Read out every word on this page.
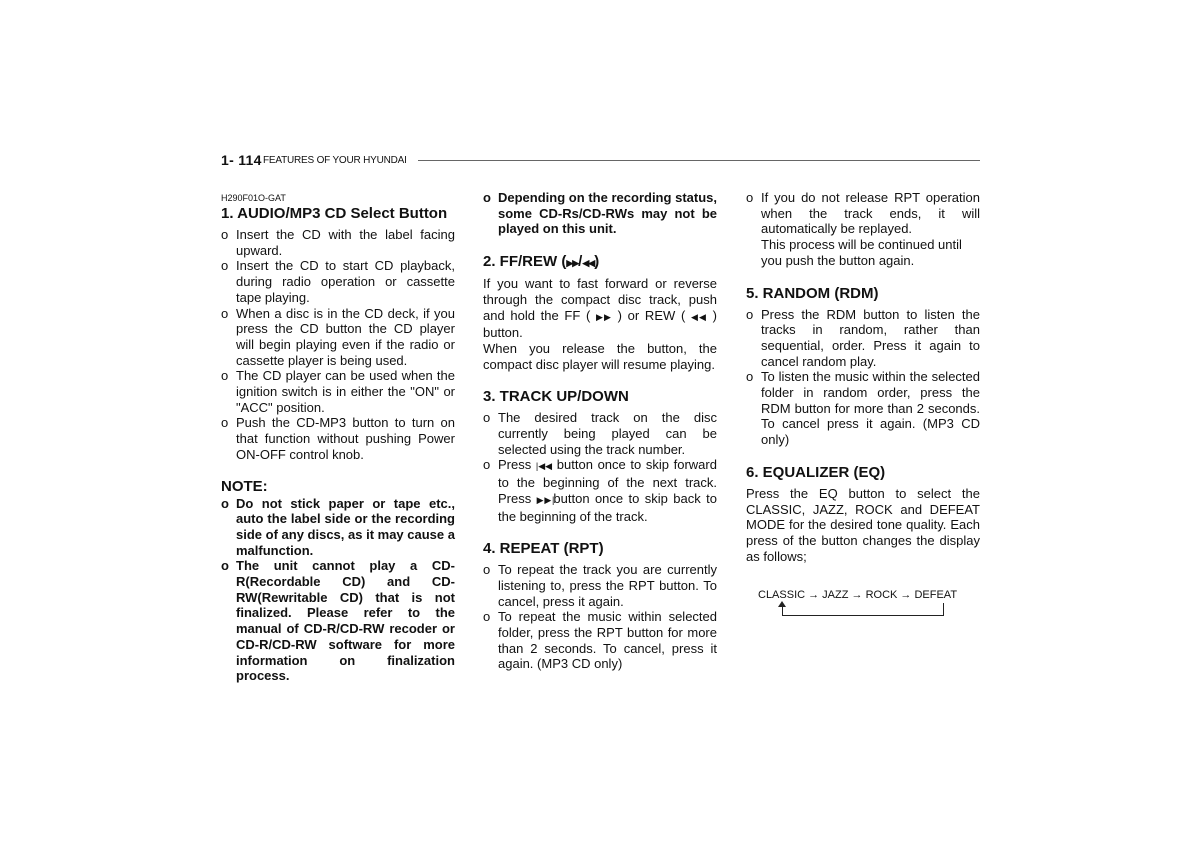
1- 114 FEATURES OF YOUR HYUNDAI
H290F01O-GAT
1. AUDIO/MP3 CD Select Button
o Insert the CD with the label facing upward.
o Insert the CD to start CD playback, during radio operation or cassette tape playing.
o When a disc is in the CD deck, if you press the CD button the CD player will begin playing even if the radio or cassette player is being used.
o The CD player can be used when the ignition switch is in either the "ON" or "ACC" position.
o Push the CD-MP3 button to turn on that function without pushing Power ON-OFF control knob.
NOTE:
o Do not stick paper or tape etc., auto the label side or the recording side of any discs, as it may cause a malfunction.
o The unit cannot play a CD-R(Recordable CD) and CD-RW(Rewritable CD) that is not finalized. Please refer to the manual of CD-R/CD-RW recoder or CD-R/CD-RW software for more information on finalization process.
o Depending on the recording status, some CD-Rs/CD-RWs may not be played on this unit.
2. FF/REW (▶▶/◀◀)

If you want to fast forward or reverse through the compact disc track, push and hold the FF ( ▶▶ ) or REW ( ◀◀ ) button.

When you release the button, the compact disc player will resume playing.

3. TRACK UP/DOWN
o The desired track on the disc currently being played can be selected using the track number.
o Press |◀◀ button once to skip forward to the beginning of the next track. Press ▶▶|button once to skip back to the beginning of the track.
4. REPEAT (RPT)
o To repeat the track you are currently listening to, press the RPT button. To cancel, press it again.
o To repeat the music within selected folder, press the RPT button for more than 2 seconds. To cancel, press it again. (MP3 CD only)
o If you do not release RPT operation when the track ends, it will automatically be replayed.

This process will be continued until you push the button again.

5. RANDOM (RDM)
o Press the RDM button to listen the tracks in random, rather than sequential, order. Press it again to cancel random play.
o To listen the music within the selected folder in random order, press the RDM button for more than 2 seconds. To cancel press it again. (MP3 CD only)
6. EQUALIZER (EQ)

Press the EQ button to select the CLASSIC, JAZZ, ROCK and DEFEAT MODE for the desired tone quality. Each press of the button changes the display as follows;

CLASSIC → JAZZ → ROCK → DEFEAT
